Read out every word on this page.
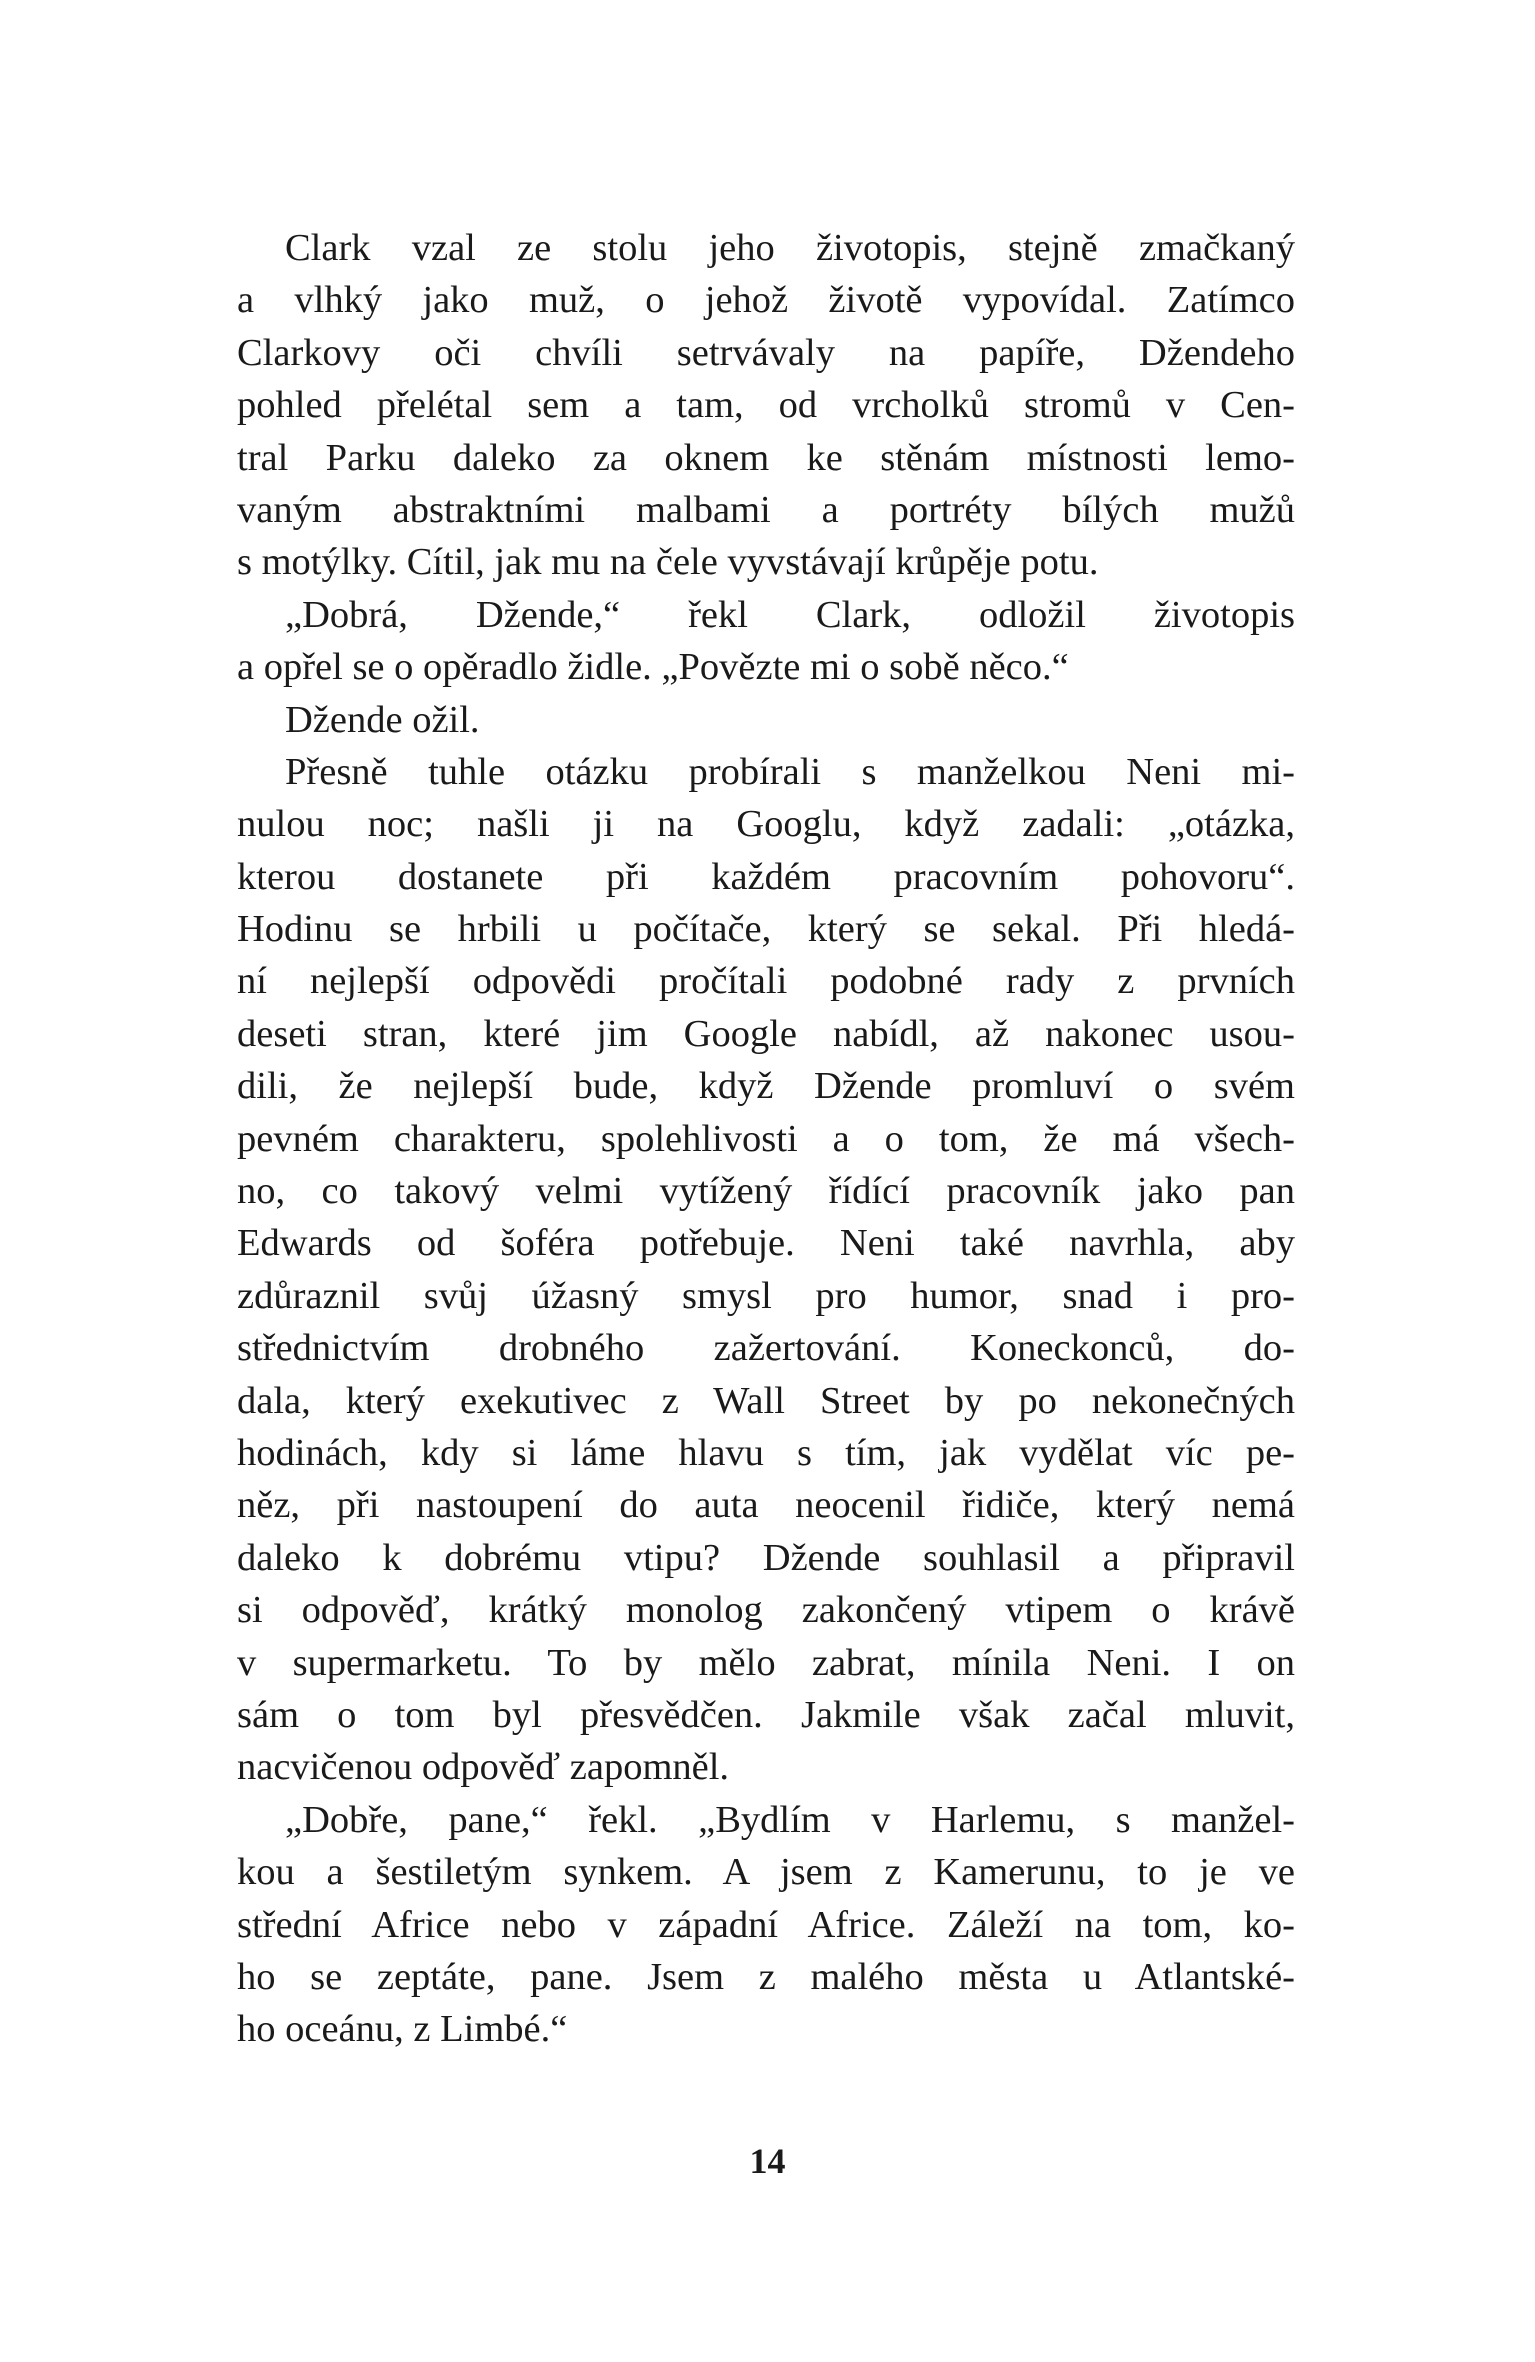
Clark vzal ze stolu jeho životopis, stejně zmačkaný
a vlhký jako muž, o jehož životě vypovídal. Zatímco
Clarkovy oči chvíli setrvávaly na papíře, Džendeho
pohled přelétal sem a tam, od vrcholků stromů v Cen-
tral Parku daleko za oknem ke stěnám místnosti lemo-
vaným abstraktními malbami a portréty bílých mužů
s motýlky. Cítil, jak mu na čele vyvstávají krůpěje potu.
„Dobrá, Džende,“ řekl Clark, odložil životopis
a opřel se o opěradlo židle. „Povězte mi o sobě něco.“
Džende ožil.
Přesně tuhle otázku probírali s manželkou Neni mi-
nulou noc; našli ji na Googlu, když zadali: „otázka,
kterou dostanete při každém pracovním pohovoru“.
Hodinu se hrbili u počítače, který se sekal. Při hledá-
ní nejlepší odpovědi pročítali podobné rady z prvních
deseti stran, které jim Google nabídl, až nakonec usou-
dili, že nejlepší bude, když Džende promluví o svém
pevném charakteru, spolehlivosti a o tom, že má všech-
no, co takový velmi vytížený řídící pracovník jako pan
Edwards od šoféra potřebuje. Neni také navrhla, aby
zdůraznil svůj úžasný smysl pro humor, snad i pro-
střednictvím drobného zažertování. Koneckonců, do-
dala, který exekutivec z Wall Street by po nekonečných
hodinách, kdy si láme hlavu s tím, jak vydělat víc pe-
něz, při nastoupení do auta neocenil řidiče, který nemá
daleko k dobrému vtipu? Džende souhlasil a připravil
si odpověď, krátký monolog zakončený vtipem o krávě
v supermarketu. To by mělo zabrat, mínila Neni. I on
sám o tom byl přesvědčen. Jakmile však začal mluvit,
nacvičenou odpověď zapomněl.
„Dobře, pane,“ řekl. „Bydlím v Harlemu, s manžel-
kou a šestiletým synkem. A jsem z Kamerunu, to je ve
střední Africe nebo v západní Africe. Záleží na tom, ko-
ho se zeptáte, pane. Jsem z malého města u Atlantské-
ho oceánu, z Limbé.“
14
